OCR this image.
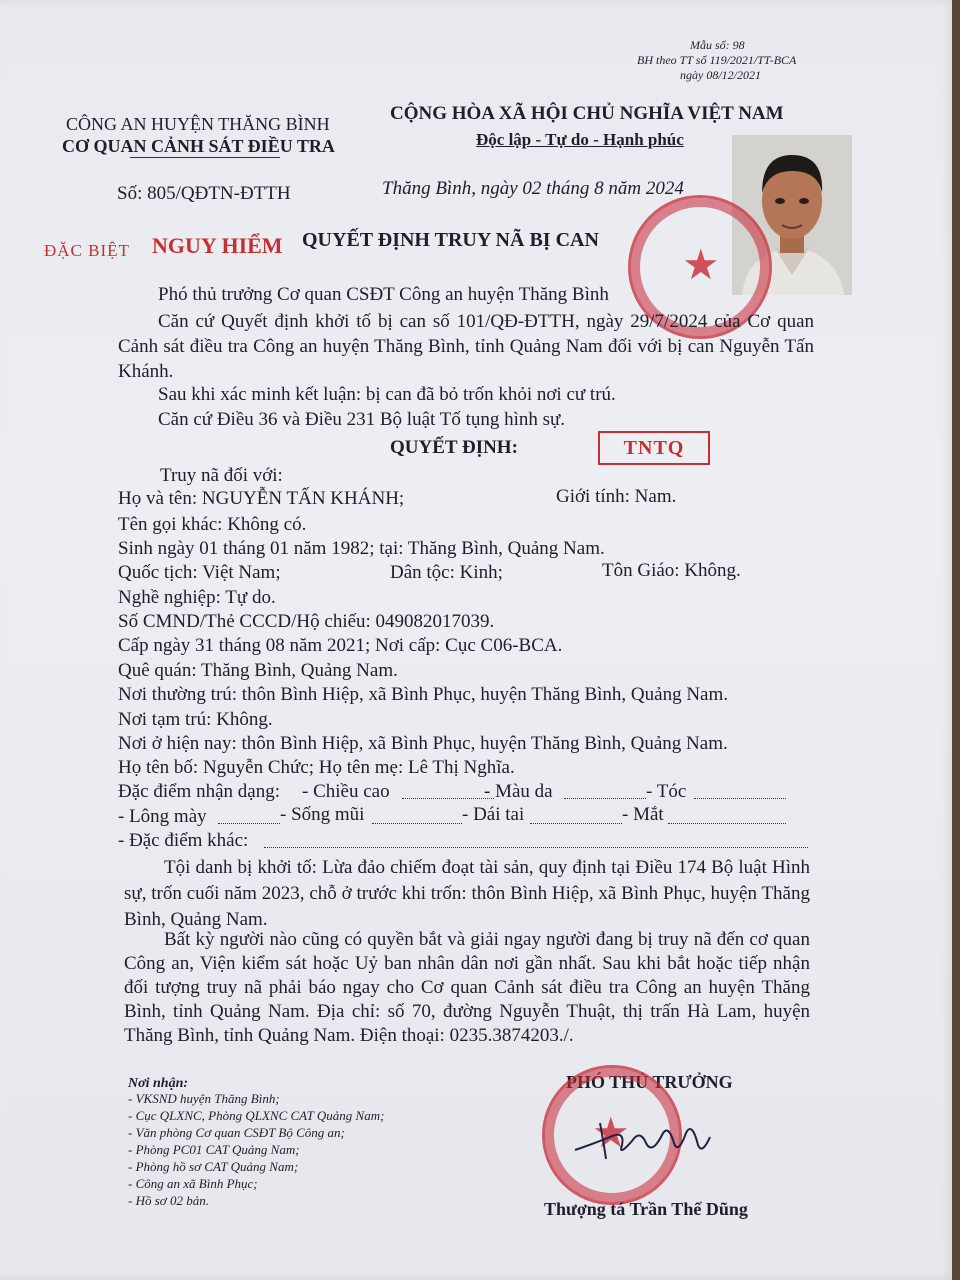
Mẫu số: 98
BH theo TT số 119/2021/TT-BCA
ngày 08/12/2021
CÔNG AN HUYỆN THĂNG BÌNH
CƠ QUAN CẢNH SÁT ĐIỀU TRA
CỘNG HÒA XÃ HỘI CHỦ NGHĨA VIỆT NAM
Độc lập - Tự do - Hạnh phúc
Số: 805/QĐTN-ĐTTH	Thăng Bình, ngày 02 tháng 8 năm 2024
★
ĐẶC BIỆT NGUY HIỂM QUYẾT ĐỊNH TRUY NÃ BỊ CAN
Phó thủ trưởng Cơ quan CSĐT Công an huyện Thăng Bình
Căn cứ Quyết định khởi tố bị can số 101/QĐ-ĐTTH, ngày 29/7/2024 của Cơ quan Cảnh sát điều tra Công an huyện Thăng Bình, tỉnh Quảng Nam đối với bị can Nguyễn Tấn Khánh.
Sau khi xác minh kết luận: bị can đã bỏ trốn khỏi nơi cư trú.
Căn cứ Điều 36 và Điều 231 Bộ luật Tố tụng hình sự.
QUYẾT ĐỊNH:	TNTQ
Truy nã đối với:
Họ và tên: NGUYỄN TẤN KHÁNH;	Giới tính: Nam.
Tên gọi khác: Không có.
Sinh ngày 01 tháng 01 năm 1982; tại: Thăng Bình, Quảng Nam.
Quốc tịch: Việt Nam;	Dân tộc: Kinh;	Tôn Giáo: Không.
Nghề nghiệp: Tự do.
Số CMND/Thẻ CCCD/Hộ chiếu: 049082017039.
Cấp ngày 31 tháng 08 năm 2021; Nơi cấp: Cục C06-BCA.
Quê quán: Thăng Bình, Quảng Nam.
Nơi thường trú: thôn Bình Hiệp, xã Bình Phục, huyện Thăng Bình, Quảng Nam.
Nơi tạm trú: Không.
Nơi ở hiện nay: thôn Bình Hiệp, xã Bình Phục, huyện Thăng Bình, Quảng Nam.
Họ tên bố: Nguyễn Chức; Họ tên mẹ: Lê Thị Nghĩa.
Đặc điểm nhận dạng: - Chiều cao	- Màu da	- Tóc
- Lông mày	- Sống mũi	- Dái tai	- Mắt
- Đặc điểm khác:
Tội danh bị khởi tố: Lừa đảo chiếm đoạt tài sản, quy định tại Điều 174 Bộ luật Hình sự, trốn cuối năm 2023, chỗ ở trước khi trốn: thôn Bình Hiệp, xã Bình Phục, huyện Thăng Bình, Quảng Nam.
Bất kỳ người nào cũng có quyền bắt và giải ngay người đang bị truy nã đến cơ quan Công an, Viện kiểm sát hoặc Uỷ ban nhân dân nơi gần nhất. Sau khi bắt hoặc tiếp nhận đối tượng truy nã phải báo ngay cho Cơ quan Cảnh sát điều tra Công an huyện Thăng Bình, tỉnh Quảng Nam. Địa chỉ: số 70, đường Nguyễn Thuật, thị trấn Hà Lam, huyện Thăng Bình, tỉnh Quảng Nam. Điện thoại: 0235.3874203./.
Nơi nhận:
- VKSND huyện Thăng Bình;
- Cục QLXNC, Phòng QLXNC CAT Quảng Nam;
- Văn phòng Cơ quan CSĐT Bộ Công an;
- Phòng PC01 CAT Quảng Nam;
- Phòng hồ sơ CAT Quảng Nam;
- Công an xã Bình Phục;
- Hồ sơ 02 bản.
PHÓ THỦ TRƯỞNG
★
Thượng tá Trần Thế Dũng
